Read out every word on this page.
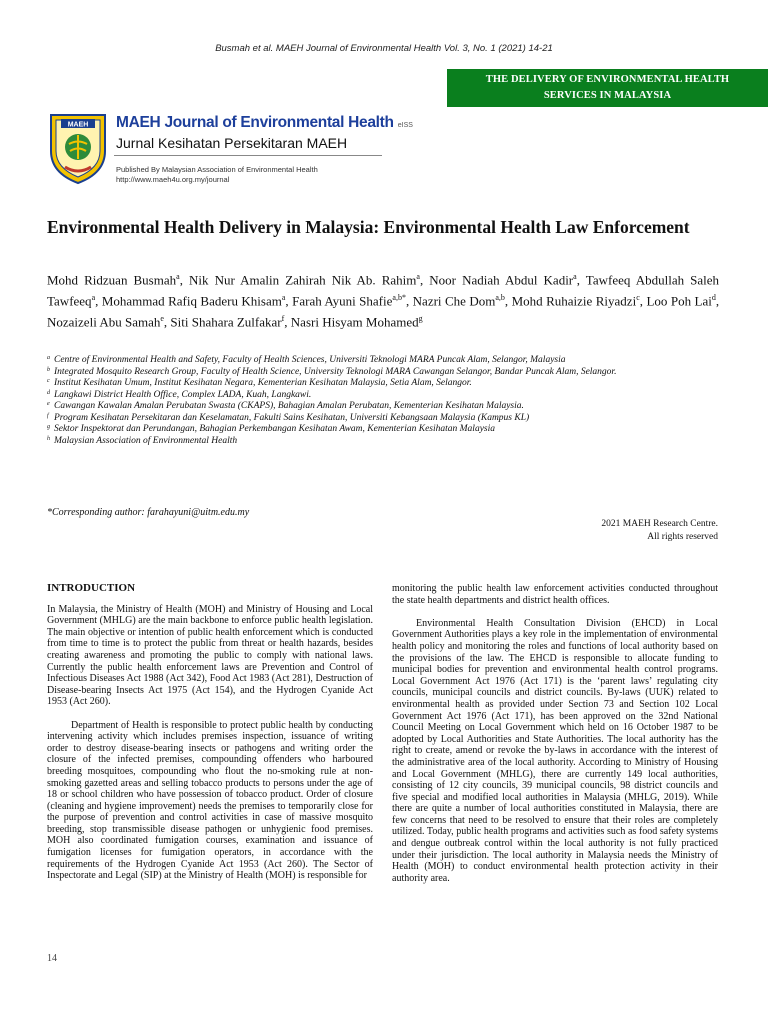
Busmah et al. MAEH Journal of Environmental Health Vol. 3, No. 1 (2021) 14-21
THE DELIVERY OF ENVIRONMENTAL HEALTH
SERVICES IN MALAYSIA
MAEH MAEH Journal of Environmental Health eISS
Jurnal Kesihatan Persekitaran MAEH
Published By Malaysian Association of Environmental Health
http://www.maeh4u.org.my/journal
Environmental Health Delivery in Malaysia: Environmental Health Law Enforcement

Mohd Ridzuan Busmah$^a$, Nik Nur Amalin Zahirah Nik Ab. Rahim$^a$, Noor Nadiah Abdul Kadir$^a$, Tawfeeq Abdullah Saleh Tawfeeq$^a$, Mohammad Rafiq Baderu Khisam$^a$, Farah Ayuni Shafie$^{a,b*}$, Nazri Che Dom$^{a,b}$, Mohd Ruhaizie Riyadzi$^c$, Loo Poh Lai$^d$, Nozaizeli Abu Samah$^e$, Siti Shahara Zulfakar$^f$, Nasri Hisyam Mohamed$^g$

a Centre of Environmental Health and Safety, Faculty of Health Sciences, Universiti Teknologi MARA Puncak Alam, Selangor, Malaysia
b Integrated Mosquito Research Group, Faculty of Health Science, University Teknologi MARA Cawangan Selangor, Bandar Puncak Alam, Selangor.
c Institut Kesihatan Umum, Institut Kesihatan Negara, Kementerian Kesihatan Malaysia, Setia Alam, Selangor.
d Langkawi District Health Office, Complex LADA, Kuah, Langkawi.
e Cawangan Kawalan Amalan Perubatan Swasta (CKAPS), Bahagian Amalan Perubatan, Kementerian Kesihatan Malaysia.
f Program Kesihatan Persekitaran dan Keselamatan, Fakulti Sains Kesihatan, Universiti Kebangsaan Malaysia (Kampus KL)
g Sektor Inspektorat dan Perundangan, Bahagian Perkembangan Kesihatan Awam, Kementerian Kesihatan Malaysia
h Malaysian Association of Environmental Health
*Corresponding author: farahayuni@uitm.edu.my
2021 MAEH Research Centre.
All rights reserved
INTRODUCTION

In Malaysia, the Ministry of Health (MOH) and Ministry of Housing and Local Government (MHLG) are the main backbone to enforce public health legislation. The main objective or intention of public health enforcement which is conducted from time to time is to protect the public from threat or health hazards, besides creating awareness and promoting the public to comply with national laws. Currently the public health enforcement laws are Prevention and Control of Infectious Diseases Act 1988 (Act 342), Food Act 1983 (Act 281), Destruction of Disease-bearing Insects Act 1975 (Act 154), and the Hydrogen Cyanide Act 1953 (Act 260).

Department of Health is responsible to protect public health by conducting intervening activity which includes premises inspection, issuance of writing order to destroy disease-bearing insects or pathogens and writing order the closure of the infected premises, compounding offenders who harboured breeding mosquitoes, compounding who flout the no-smoking rule at non-smoking gazetted areas and selling tobacco products to persons under the age of 18 or school children who have possession of tobacco product. Order of closure (cleaning and hygiene improvement) needs the premises to temporarily close for the purpose of prevention and control activities in case of massive mosquito breeding, stop transmissible disease pathogen or unhygienic food premises. MOH also coordinated fumigation courses, examination and issuance of fumigation licenses for fumigation operators, in accordance with the requirements of the Hydrogen Cyanide Act 1953 (Act 260). The Sector of Inspectorate and Legal (SIP) at the Ministry of Health (MOH) is responsible for

monitoring the public health law enforcement activities conducted throughout the state health departments and district health offices.

Environmental Health Consultation Division (EHCD) in Local Government Authorities plays a key role in the implementation of environmental health policy and monitoring the roles and functions of local authority based on the provisions of the law. The EHCD is responsible to allocate funding to municipal bodies for prevention and environmental health control programs. Local Government Act 1976 (Act 171) is the ‘parent laws’ regulating city councils, municipal councils and district councils. By-laws (UUK) related to environmental health as provided under Section 73 and Section 102 Local Government Act 1976 (Act 171), has been approved on the 32nd National Council Meeting on Local Government which held on 16 October 1987 to be adopted by Local Authorities and State Authorities. The local authority has the right to create, amend or revoke the by-laws in accordance with the interest of the administrative area of the local authority. According to Ministry of Housing and Local Government (MHLG), there are currently 149 local authorities, consisting of 12 city councils, 39 municipal councils, 98 district councils and five special and modified local authorities in Malaysia (MHLG, 2019). While there are quite a number of local authorities constituted in Malaysia, there are few concerns that need to be resolved to ensure that their roles are completely utilized. Today, public health programs and activities such as food safety systems and dengue outbreak control within the local authority is not fully practiced under their jurisdiction. The local authority in Malaysia needs the Ministry of Health (MOH) to conduct environmental health protection activity in their authority area.

14
